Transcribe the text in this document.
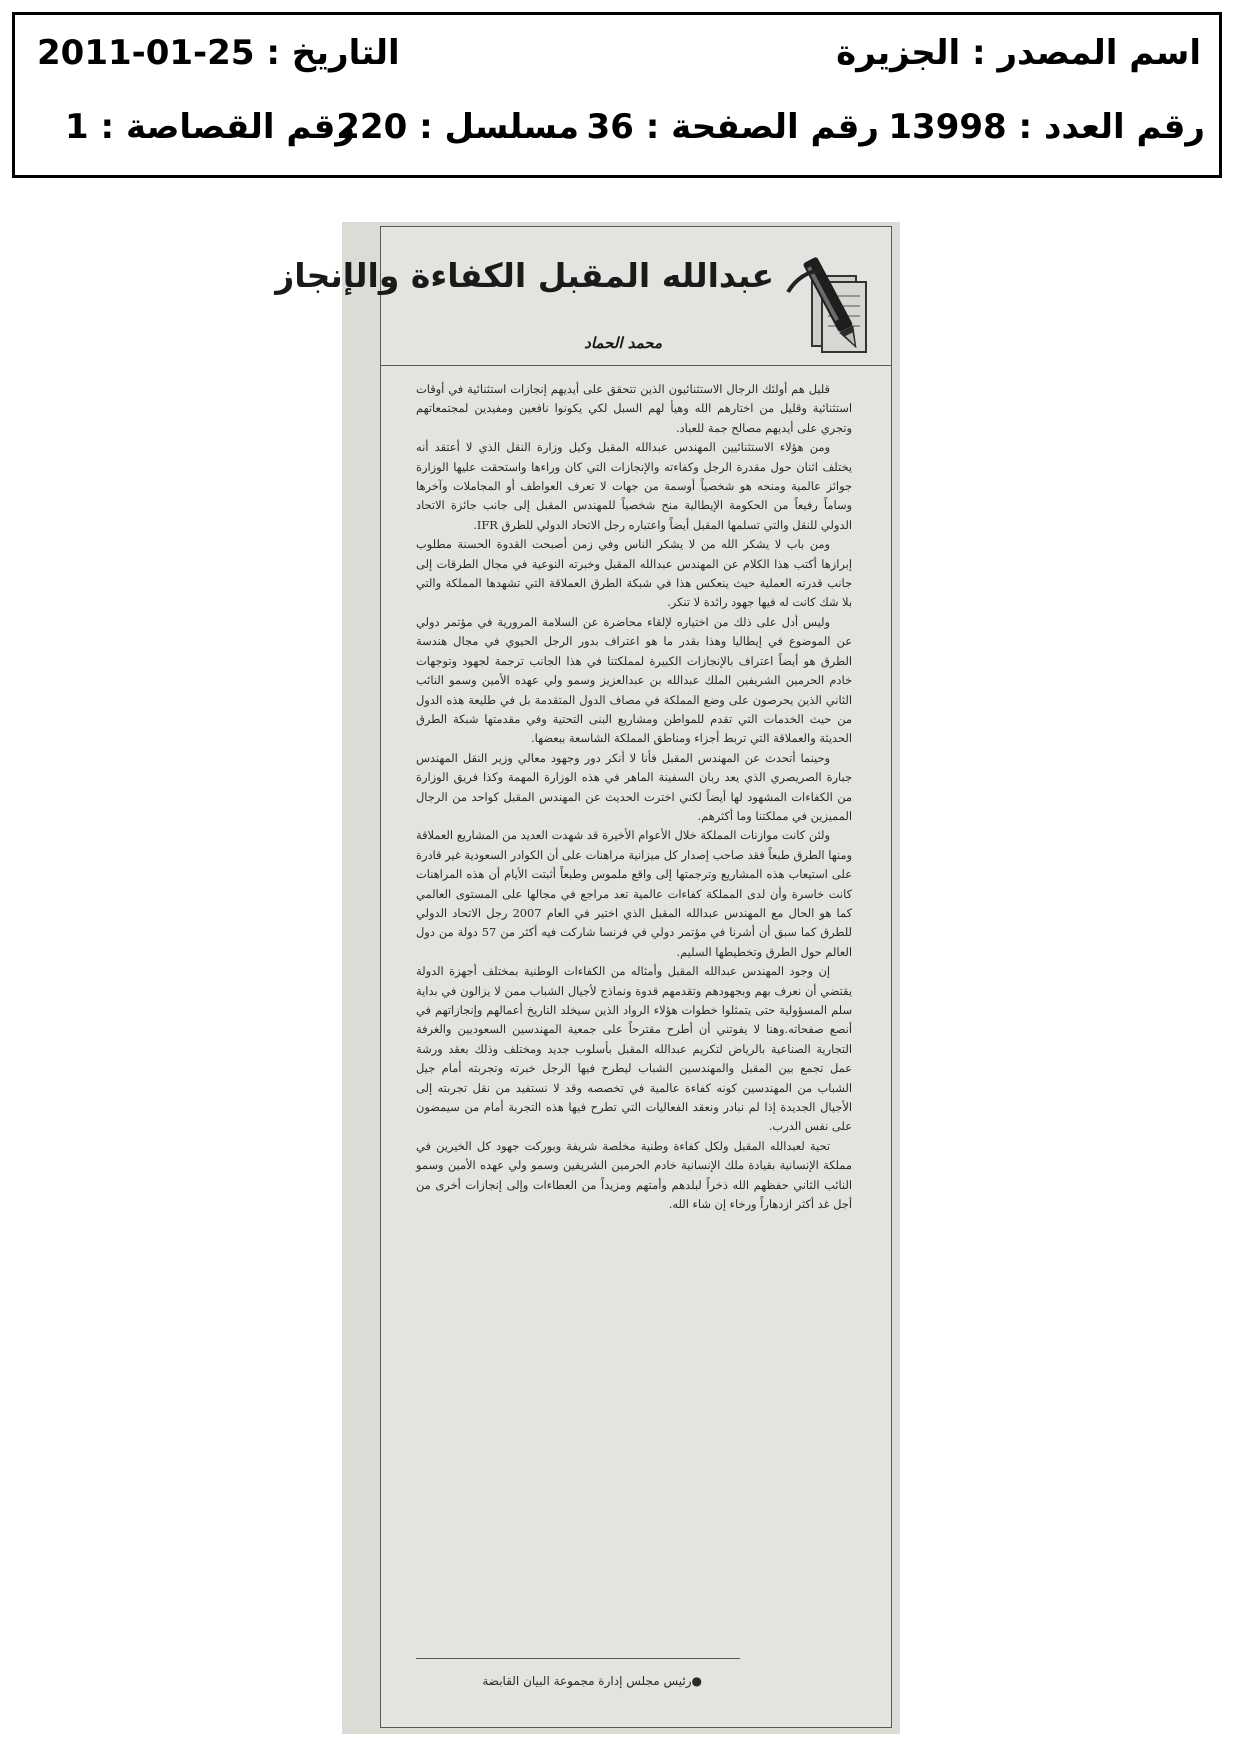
اسم المصدر : الجزيرة
التاريخ : 2011-01-25
رقم العدد : 13998
رقم الصفحة : 36
مسلسل : 220
رقم القصاصة : 1
عبدالله المقبل الكفاءة والإنجاز
محمد الحماد

قليل هم أولئك الرجال الاستثنائيون الذين تتحقق على أيديهم إنجازات استثنائية في أوقات استثنائية وقليل من اختارهم الله وهيأ لهم السبل لكي يكونوا نافعين ومفيدين لمجتمعاتهم وتجري على أيديهم مصالح جمة للعباد.

ومن هؤلاء الاستثنائيين المهندس عبدالله المقبل وكيل وزارة النقل الذي لا أعتقد أنه يختلف اثنان حول مقدرة الرجل وكفاءته والإنجازات التي كان وراءها واستحقت عليها الوزارة جوائز عالمية ومنحه هو شخصياً أوسمة من جهات لا تعرف العواطف أو المجاملات وآخرها وساماً رفيعاً من الحكومة الإيطالية منح شخصياً للمهندس المقبل إلى جانب جائزة الاتحاد الدولي للنقل والتي تسلمها المقبل أيضاً واعتباره رجل الاتحاد الدولي للطرق IFR.

ومن باب لا يشكر الله من لا يشكر الناس وفي زمن أصبحت القدوة الحسنة مطلوب إبرازها أكتب هذا الكلام عن المهندس عبدالله المقبل وخبرته النوعية في مجال الطرقات إلى جانب قدرته العملية حيث ينعكس هذا في شبكة الطرق العملاقة التي تشهدها المملكة والتي بلا شك كانت له فيها جهود رائدة لا تنكر.

وليس أدل على ذلك من اختياره لإلقاء محاضرة عن السلامة المرورية في مؤتمر دولي عن الموضوع في إيطاليا وهذا بقدر ما هو اعتراف بدور الرجل الحيوي في مجال هندسة الطرق هو أيضاً اعتراف بالإنجازات الكبيرة لمملكتنا في هذا الجانب ترجمة لجهود وتوجهات خادم الحرمين الشريفين الملك عبدالله بن عبدالعزيز وسمو ولي عهده الأمين وسمو النائب الثاني الذين يحرصون على وضع المملكة في مصاف الدول المتقدمة بل في طليعة هذه الدول من حيث الخدمات التي تقدم للمواطن ومشاريع البنى التحتية وفي مقدمتها شبكة الطرق الحديثة والعملاقة التي تربط أجزاء ومناطق المملكة الشاسعة ببعضها.

وحينما أتحدث عن المهندس المقبل فأنا لا أنكر دور وجهود معالي وزير النقل المهندس جبارة الصريصري الذي يعد ربان السفينة الماهر في هذه الوزارة المهمة وكذا فريق الوزارة من الكفاءات المشهود لها أيضاً لكني اخترت الحديث عن المهندس المقبل كواحد من الرجال المميزين في مملكتنا وما أكثرهم.

ولئن كانت موازنات المملكة خلال الأعوام الأخيرة قد شهدت العديد من المشاريع العملاقة ومنها الطرق طبعاً فقد صاحب إصدار كل ميزانية مراهنات على أن الكوادر السعودية غير قادرة على استيعاب هذه المشاريع وترجمتها إلى واقع ملموس وطبعاً أثبتت الأيام أن هذه المراهنات كانت خاسرة وأن لدى المملكة كفاءات عالمية تعد مراجع في مجالها على المستوى العالمي كما هو الحال مع المهندس عبدالله المقبل الذي اختير في العام 2007 رجل الاتحاد الدولي للطرق كما سبق أن أشرنا في مؤتمر دولي في فرنسا شاركت فيه أكثر من 57 دولة من دول العالم حول الطرق وتخطيطها السليم.

إن وجود المهندس عبدالله المقبل وأمثاله من الكفاءات الوطنية بمختلف أجهزة الدولة يقتضي أن نعرف بهم وبجهودهم وتقدمهم قدوة ونماذج لأجيال الشباب ممن لا يزالون في بداية سلم المسؤولية حتى يتمثلوا خطوات هؤلاء الرواد الذين سيخلد التاريخ أعمالهم وإنجازاتهم في أنصع صفحاته.وهنا لا يفوتني أن أطرح مقترحاً على جمعية المهندسين السعوديين والغرفة التجارية الصناعية بالرياض لتكريم عبدالله المقبل بأسلوب جديد ومختلف وذلك بعقد ورشة عمل تجمع بين المقبل والمهندسين الشباب ليطرح فيها الرجل خبرته وتجربته أمام جيل الشباب من المهندسين كونه كفاءة عالمية في تخصصه وقد لا نستفيد من نقل تجربته إلى الأجيال الجديدة إذا لم نبادر ونعقد الفعاليات التي تطرح فيها هذه التجربة أمام من سيمضون على نفس الدرب.

تحية لعبدالله المقبل ولكل كفاءة وطنية مخلصة شريفة وبوركت جهود كل الخيرين في مملكة الإنسانية بقيادة ملك الإنسانية خادم الحرمين الشريفين وسمو ولي عهده الأمين وسمو النائب الثاني حفظهم الله ذخراً لبلدهم وأمتهم ومزيداً من العطاءات وإلى إنجازات أخرى من أجل غد أكثر ازدهاراً ورخاء إن شاء الله.

●رئيس مجلس إدارة مجموعة البيان القابضة
